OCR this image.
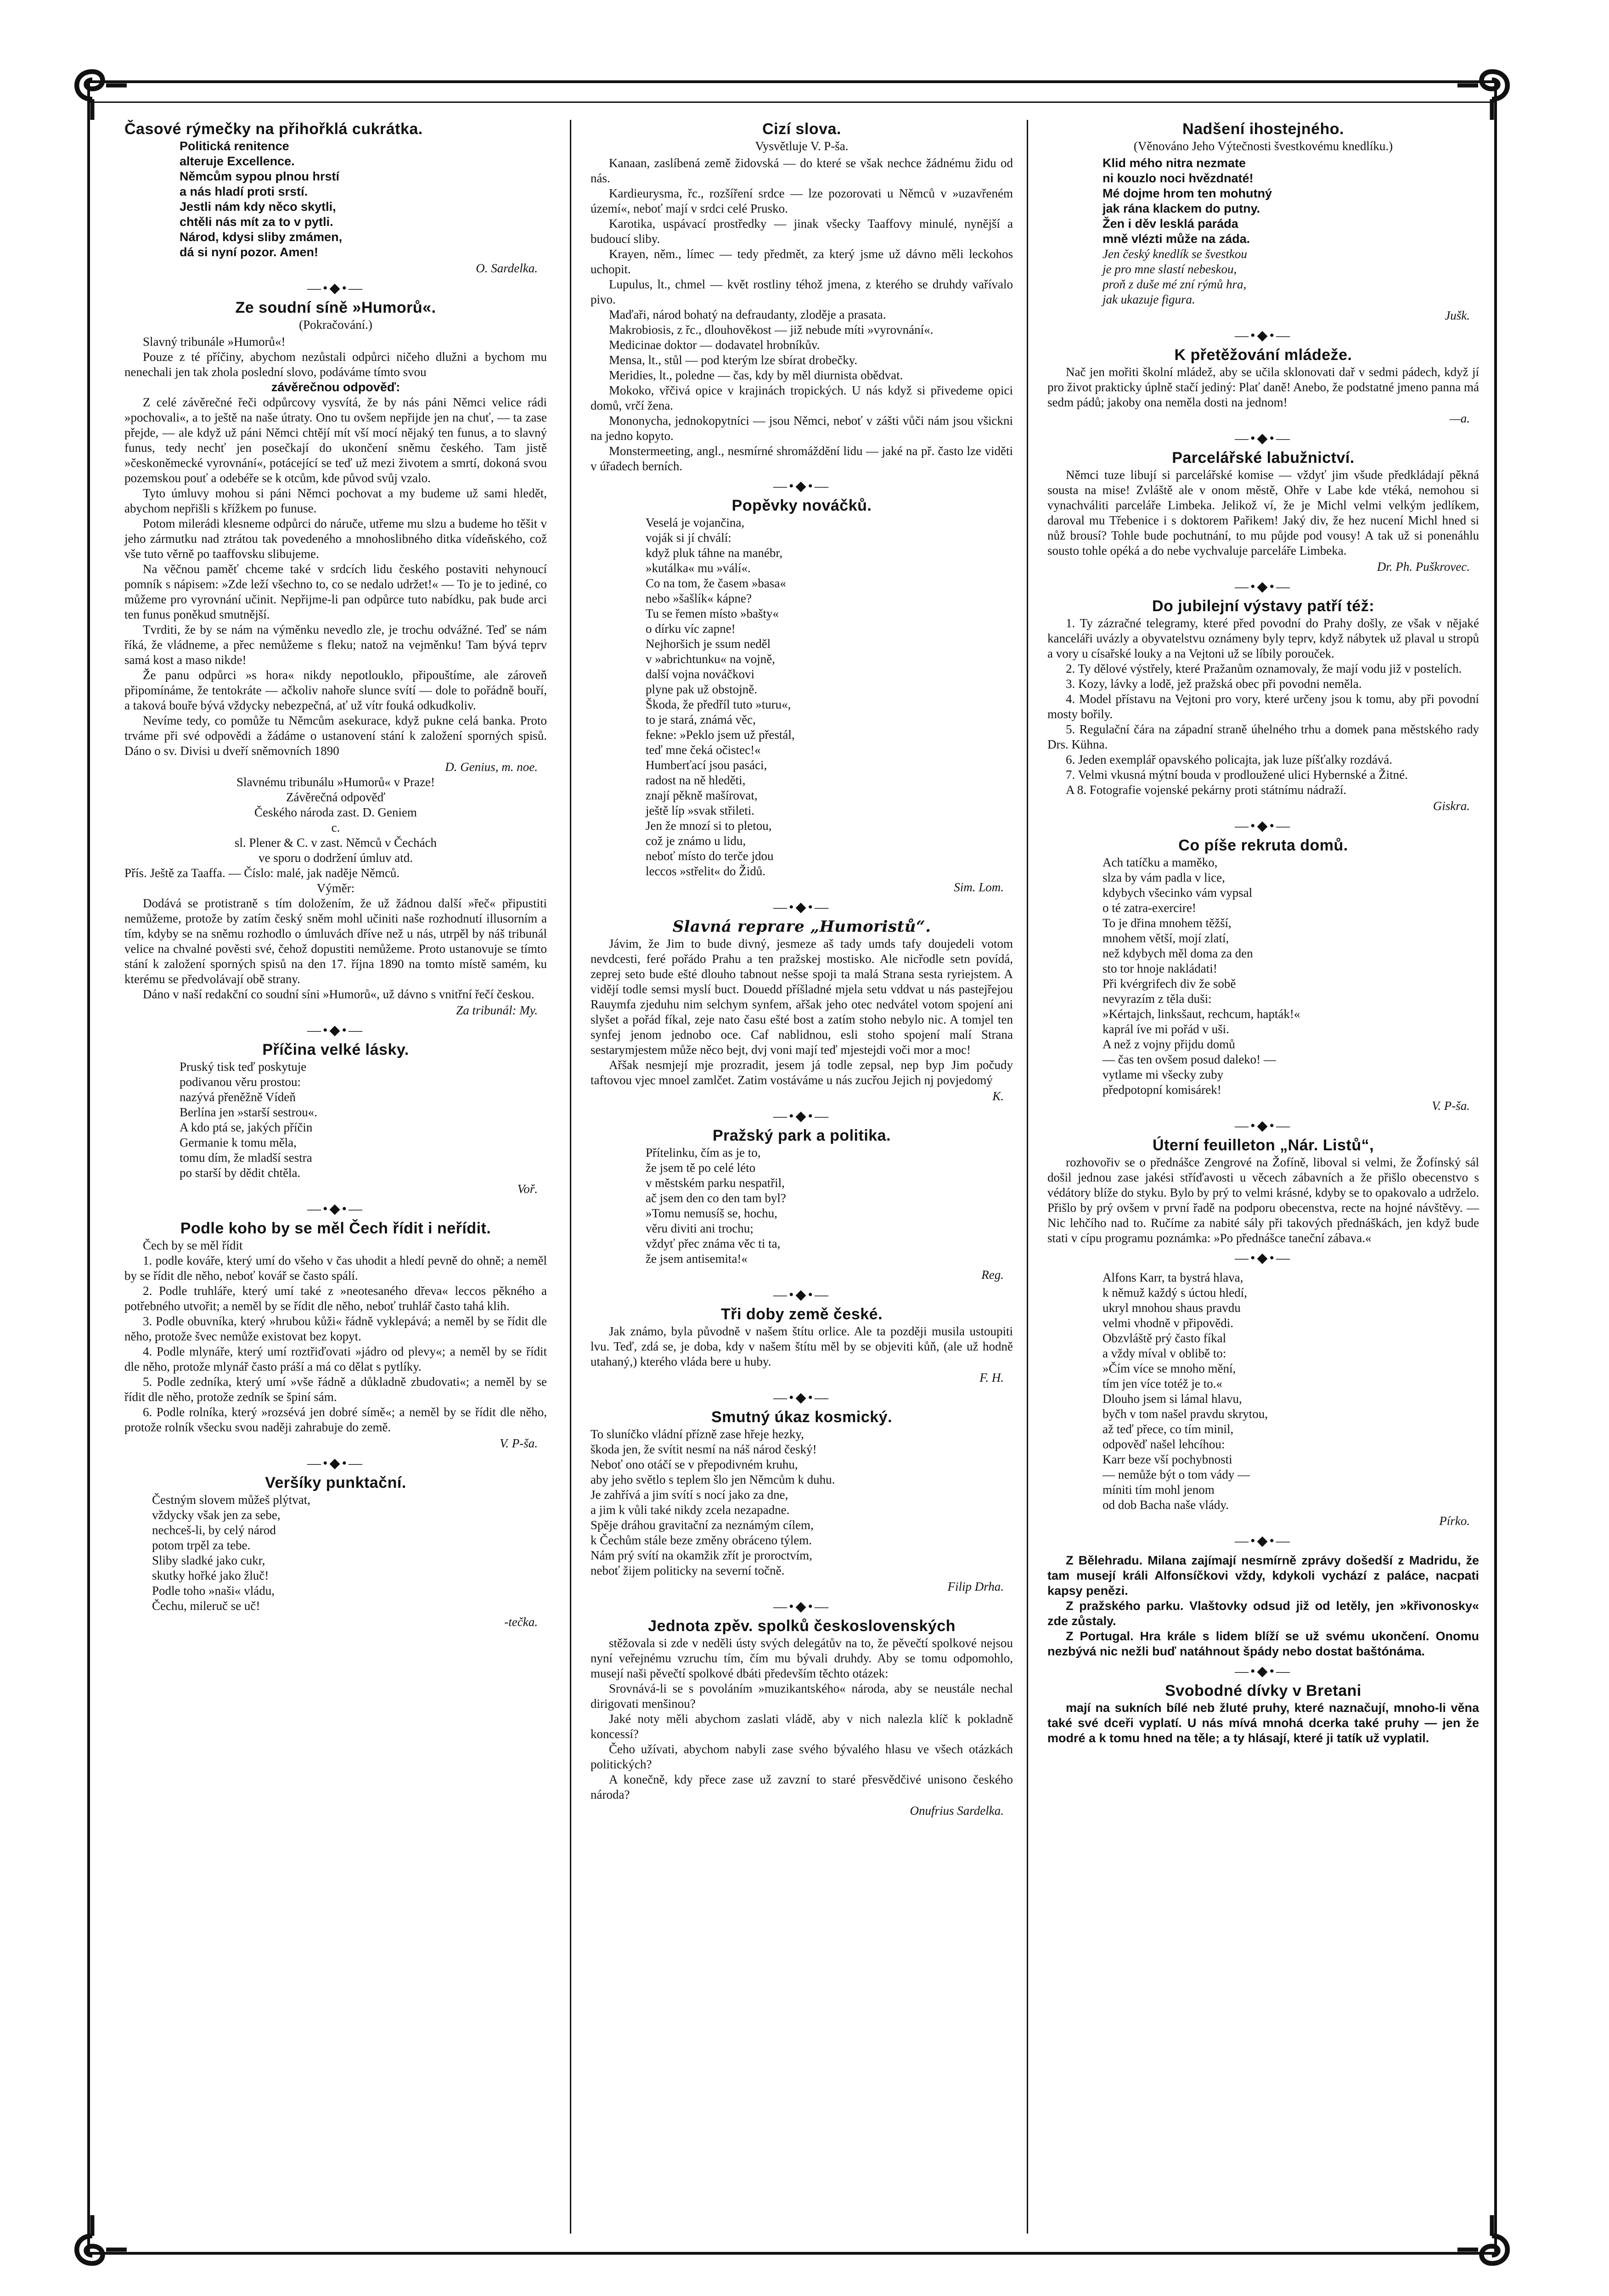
Časové rýmečky na přihořklá cukrátka.

Politická renitence

alteruje Excellence.

Němcům sypou plnou hrstí

a nás hladí proti srstí.

Jestli nám kdy něco skytli,

chtěli nás mít za to v pytli.

Národ, kdysi sliby zmámen,

dá si nyní pozor. Amen!

O. Sardelka.

—•◆•—
Ze soudní síně »Humorů«.
(Pokračování.)

Slavný tribunále »Humorů«!

Pouze z té příčiny, abychom nezůstali odpůrci ničeho dlužni a bychom mu nenechali jen tak zhola poslední slovo, podáváme tímto svou

závěrečnou odpověď:

Z celé závěrečné řeči odpůrcovy vysvítá, že by nás páni Němci velice rádi »pochovali«, a to ještě na naše útraty. Ono tu ovšem nepřijde jen na chuť, — ta zase přejde, — ale když už páni Němci chtějí mít vší mocí nějaký ten funus, a to slavný funus, tedy nechť jen posečkají do ukončení sněmu českého. Tam jistě »českoněmecké vyrovnání«, potácející se teď už mezi životem a smrtí, dokoná svou pozemskou pouť a odebéře se k otcům, kde původ svůj vzalo.

Tyto úmluvy mohou si páni Němci pochovat a my budeme už sami hledět, abychom nepřišli s křížkem po funuse.

Potom milerádi klesneme odpůrci do náruče, utřeme mu slzu a budeme ho těšit v jeho zármutku nad ztrátou tak povedeného a mnohoslibného ditka vídeňského, což vše tuto věrně po taaffovsku slibujeme.

Na věčnou paměť chceme také v srdcích lidu českého postaviti nehynoucí pomník s nápisem: »Zde leží všechno to, co se nedalo udržet!« — To je to jediné, co můžeme pro vyrovnání učinit. Nepřijme-li pan odpůrce tuto nabídku, pak bude arci ten funus poněkud smutnější.

Tvrditi, že by se nám na výměnku nevedlo zle, je trochu odvážné. Teď se nám říká, že vládneme, a přec nemůžeme s fleku; natož na vejměnku! Tam bývá teprv samá kost a maso nikde!

Že panu odpůrci »s hora« nikdy nepotlouklo, připouštíme, ale zároveň připomínáme, že tentokráte — ačkoliv nahoře slunce svítí — dole to pořádně bouří, a taková bouře bývá vždycky nebezpečná, ať už vítr fouká odkudkoliv.

Nevíme tedy, co pomůže tu Němcům asekurace, když pukne celá banka. Proto trváme při své odpovědi a žádáme o ustanovení stání k založení sporných spisů. Dáno o sv. Divisi u dveří sněmovních 1890

D. Genius, m. noe.

Slavnému tribunálu »Humorů« v Praze!

Závěrečná odpověď

Českého národa zast. D. Geniem

c.

sl. Plener & C. v zast. Němců v Čechách

ve sporu o dodržení úmluv atd.

Přís. Ještě za Taaffa. — Číslo: malé, jak naděje Němců.

Výměr:

Dodává se protistraně s tím doložením, že už žádnou další »řeč« připustiti nemůžeme, protože by zatím český sněm mohl učiniti naše rozhodnutí illusorním a tím, kdyby se na sněmu rozhodlo o úmluvách dříve než u nás, utrpěl by náš tribunál velice na chvalné pověsti své, čehož dopustiti nemůžeme. Proto ustanovuje se tímto stání k založení sporných spisů na den 17. října 1890 na tomto místě samém, ku kterému se předvolávají obě strany.

Dáno v naší redakční co soudní síni »Humorů«, už dávno s vnitřní řečí českou.

Za tribunál: My.

—•◆•—
Příčina velké lásky.

Pruský tisk teď poskytuje

podivanou věru prostou:

nazývá přeněžně Vídeň

Berlína jen »starší sestrou«.

A kdo ptá se, jakých příčin

Germanie k tomu měla,

tomu dím, že mladší sestra

po starší by dědit chtěla.

Voř.

—•◆•—
Podle koho by se měl Čech řídit i neřídit.

Čech by se měl řídit

1. podle kováře, který umí do všeho v čas uhodit a hledí pevně do ohně; a neměl by se řídit dle něho, neboť kovář se často spálí.

2. Podle truhláře, který umí také z »neotesaného dřeva« leccos pěkného a potřebného utvořit; a neměl by se řídit dle něho, neboť truhlář často tahá klih.

3. Podle obuvníka, který »hrubou kůži« řádně vyklepává; a neměl by se řídit dle něho, protože švec nemůže existovat bez kopyt.

4. Podle mlynáře, který umí roztřiďovati »jádro od plevy«; a neměl by se řídit dle něho, protože mlynář často práší a má co dělat s pytlíky.

5. Podle zedníka, který umí »vše řádně a důkladně zbudovati«; a neměl by se řídit dle něho, protože zedník se špiní sám.

6. Podle rolníka, který »rozsévá jen dobré símě«; a neměl by se řídit dle něho, protože rolník všecku svou naději zahrabuje do země.

V. P-ša.

—•◆•—
Veršíky punktační.

Čestným slovem můžeš plýtvat,

vždycky však jen za sebe,

nechceš-li, by celý národ

potom trpěl za tebe.

Sliby sladké jako cukr,

skutky hořké jako žluč!

Podle toho »naši« vládu,

Čechu, mileruč se uč!

-tečka.

Cizí slova.
Vysvětluje V. P-ša.

Kanaan, zaslíbená země židovská — do které se však nechce žádnému židu od nás.

Kardieurysma, řc., rozšíření srdce — lze pozorovati u Němců v »uzavřeném území«, neboť mají v srdci celé Prusko.

Karotika, uspávací prostředky — jinak všecky Taaffovy minulé, nynější a budoucí sliby.

Krayen, něm., límec — tedy předmět, za který jsme už dávno měli leckohos uchopit.

Lupulus, lt., chmel — květ rostliny téhož jmena, z kterého se druhdy vařívalo pivo.

Maďaři, národ bohatý na defraudanty, zloděje a prasata.

Makrobiosis, z řc., dlouhověkost — již nebude míti »vyrovnání«.

Medicinae doktor — dodavatel hrobníkův.

Mensa, lt., stůl — pod kterým lze sbírat drobečky.

Meridies, lt., poledne — čas, kdy by měl diurnista obědvat.

Mokoko, vřčivá opice v krajinách tropických. U nás když si přivedeme opici domů, vrčí žena.

Mononycha, jednokopytníci — jsou Němci, neboť v zášti vůči nám jsou všickni na jedno kopyto.

Monstermeeting, angl., nesmírné shromáždění lidu — jaké na př. často lze viděti v úřadech berních.

—•◆•—
Popěvky nováčků.

Veselá je vojančina,

voják si jí chválí:

když pluk táhne na manébr,

»kutálka« mu »válí«.

Co na tom, že časem »basa«

nebo »šašlík« kápne?

Tu se řemen místo »bašty«

o dírku víc zapne!

Nejhoršich je ssum neděl

v »abrichtunku« na vojně,

další vojna nováčkovi

plyne pak už obstojně.

Škoda, že předříl tuto »turu«,

to je stará, známá věc,

fekne: »Peklo jsem už přestál,

teď mne čeká očistec!«

Humberťací jsou pasáci,

radost na ně hleděti,

znají pěkně mašírovat,

ještě líp »svak střileti.

Jen že mnozí si to pletou,

což je známo u lidu,

neboť místo do terče jdou

leccos »střelit« do Židů.

Sim. Lom.

—•◆•—
Slavná reprare „Humoristů“.

Jávim, že Jim to bude divný, jesmeze aš tady umds tafy doujedeli votom nevdcesti, feré pořádo Prahu a ten pražskej mostisko. Ale nicřodle setn povídá, zeprej seto bude ešté dlouho tabnout nešse spoji ta malá Strana sesta ryriejstem. A vidějí todle semsi myslí buct. Douedd příšladné mjela setu vddvat u nás pastejřejou Rauymfa zjeduhu nim selchym synfem, ařšak jeho otec nedvátel votom spojení ani slyšet a pořád fíkal, zeje nato času ešté bost a zatím stoho nebylo nic. A tomjel ten synfej jenom jednobo oce. Caf nablidnou, esli stoho spojení malí Strana sestarymjestem může něco bejt, dvj voni mají teď mjestejdi voči mor a moc!

Ařšak nesmjejí mje prozradit, jesem já todle zepsal, nep byp Jim počudy taftovou vjec mnoel zamlčet. Zatim vostáváme u nás zucřou Jejich nj povjedomý

K.

—•◆•—
Pražský park a politika.

Přítelinku, čím as je to,

že jsem tě po celé léto

v městském parku nespatřil,

ač jsem den co den tam byl?

»Tomu nemusíš se, hochu,

věru diviti ani trochu;

vždyť přec známa věc ti ta,

že jsem antisemita!«

Reg.

—•◆•—
Tři doby země české.

Jak známo, byla původně v našem štítu orlice. Ale ta později musila ustoupiti lvu. Teď, zdá se, je doba, kdy v našem štítu měl by se objeviti kůň, (ale už hodně utahaný,) kterého vláda bere u huby.

F. H.

—•◆•—
Smutný úkaz kosmický.

To sluníčko vládní přízně zase hřeje hezky,

škoda jen, že svítit nesmí na náš národ český!

Neboť ono otáčí se v přepodivném kruhu,

aby jeho světlo s teplem šlo jen Němcům k duhu.

Je zahřívá a jim svítí s nocí jako za dne,

a jim k vůli také nikdy zcela nezapadne.

Spěje dráhou gravitační za neznámým cílem,

k Čechům stále beze změny obráceno týlem.

Nám prý svítí na okamžik zřít je proroctvím,

neboť žijem politicky na severní točně.

Filip Drha.

—•◆•—
Jednota zpěv. spolků československých

stěžovala si zde v neděli ústy svých delegátův na to, že pěvečtí spolkové nejsou nyní veřejnému vzruchu tím, čím mu bývali druhdy. Aby se tomu odpomohlo, musejí naši pěvečtí spolkové dbáti především těchto otázek:

Srovnává-li se s povoláním »muzikantského« národa, aby se neustále nechal dirigovati menšinou?

Jaké noty měli abychom zaslati vládě, aby v nich nalezla klíč k pokladně koncessí?

Čeho užívati, abychom nabyli zase svého bývalého hlasu ve všech otázkách politických?

A konečně, kdy přece zase už zavzní to staré přesvědčivé unisono českého národa?

Onufrius Sardelka.

Nadšení ihostejného.
(Věnováno Jeho Výtečnosti švestkovému knedlíku.)

Klid mého nitra nezmate

ni kouzlo noci hvězdnaté!

Mé dojme hrom ten mohutný

jak rána klackem do putny.

Žen i děv lesklá paráda

mně vlézti může na záda.

Jen český knedlík se švestkou

je pro mne slastí nebeskou,

proň z duše mé zní rýmů hra,

jak ukazuje figura.

Jušk.

—•◆•—
K přetěžování mládeže.

Nač jen mořiti školní mládež, aby se učila sklonovati dař v sedmi pádech, když jí pro život prakticky úplně stačí jediný: Plať daně! Anebo, že podstatné jmeno panna má sedm pádů; jakoby ona neměla dosti na jednom!

—a.

—•◆•—
Parcelářské labužnictví.

Němci tuze libují si parcelářské komise — vždyť jim všude předkládají pěkná sousta na mise! Zvláště ale v onom městě, Ohře v Labe kde vtéká, nemohou si vynachváliti parceláře Limbeka. Jelikož ví, že je Michl velmi velkým jedlíkem, daroval mu Třebenice i s doktorem Pařikem! Jaký div, že hez nucení Michl hned si nůž brousí? Tohle bude pochutnání, to mu půjde pod vousy! A tak už si ponenáhlu sousto tohle opéká a do nebe vychvaluje parceláře Limbeka.

Dr. Ph. Puškrovec.

—•◆•—
Do jubilejní výstavy patří též:

1. Ty zázračné telegramy, které před povodní do Prahy došly, ze však v nějaké kanceláři uvázly a obyvatelstvu oznámeny byly teprv, když nábytek už plaval u stropů a vory u císařské louky a na Vejtoni už se líbily porouček.

2. Ty dělové výstřely, které Pražanům oznamovaly, že mají vodu již v postelích.

3. Kozy, lávky a lodě, jež pražská obec při povodni neměla.

4. Model přístavu na Vejtoni pro vory, které určeny jsou k tomu, aby při povodní mosty bořily.

5. Regulační čára na západní straně úhelného trhu a domek pana městského rady Drs. Kühna.

6. Jeden exemplář opavského policajta, jak luze píšťalky rozdává.

7. Velmi vkusná mýtní bouda v prodloužené ulici Hybernské a Žitné.

A 8. Fotografie vojenské pekárny proti státnímu nádraží.

Giskra.

—•◆•—
Co píše rekruta domů.

Ach tatíčku a maměko,

slza by vám padla v lice,

kdybych všecinko vám vypsal

o té zatra-exercire!

To je dřina mnohem těžší,

mnohem větší, mojí zlatí,

než kdybych měl doma za den

sto tor hnoje nakládati!

Při kvérgrifech div že sobě

nevyrazím z těla duši:

»Kértajch, linksšaut, rechcum, hapták!«

kaprál íve mi pořád v uši.

A než z vojny přijdu domů

— čas ten ovšem posud daleko! —

vytlame mi všecky zuby

předpotopní komisárek!

V. P-ša.

—•◆•—
Úterní feuilleton „Nár. Listů“,

rozhovořiv se o přednášce Zengrové na Žofíně, liboval si velmi, že Žofínský sál došil jednou zase jakési stříďavosti u věcech zábavních a že přišlo obecenstvo s védátory blíže do styku. Bylo by prý to velmi krásné, kdyby se to opakovalo a udrželo. Přišlo by prý ovšem v první řadě na podporu obecenstva, recte na hojné návštěvy. — Nic lehčího nad to. Ručíme za nabité sály při takových přednáškách, jen když bude stati v cípu programu poznámka: »Po přednášce taneční zábava.«

—•◆•—

Alfons Karr, ta bystrá hlava,

k němuž každý s úctou hledí,

ukryl mnohou shaus pravdu

velmi vhodně v připovědi.

Obzvláště prý často fíkal

a vždy míval v oblibě to:

»Čím více se mnoho mění,

tím jen více totéž je to.«

Dlouho jsem si lámal hlavu,

byčh v tom našel pravdu skrytou,

až teď přece, co tím minil,

odpověď našel lehcíhou:

Karr beze vší pochybnosti

— nemůže být o tom vády —

míniti tím mohl jenom

od dob Bacha naše vlády.

Pírko.

—•◆•—

Z Bělehradu. Milana zajímají nesmírně zprávy došedší z Madridu, že tam musejí králi Alfonsíčkovi vždy, kdykoli vychází z paláce, nacpati kapsy penězi.

Z pražského parku. Vlaštovky odsud již od letěly, jen »křivonosky« zde zůstaly.

Z Portugal. Hra krále s lidem blíží se už svému ukončení. Onomu nezbývá nic nežli buď natáhnout špády nebo dostat baštónáma.

—•◆•—
Svobodné dívky v Bretani

mají na sukních bílé neb žluté pruhy, které naznačují, mnoho-li věna také své dceři vyplatí. U nás mívá mnohá dcerka také pruhy — jen že modré a k tomu hned na těle; a ty hlásají, které ji tatík už vyplatil.
